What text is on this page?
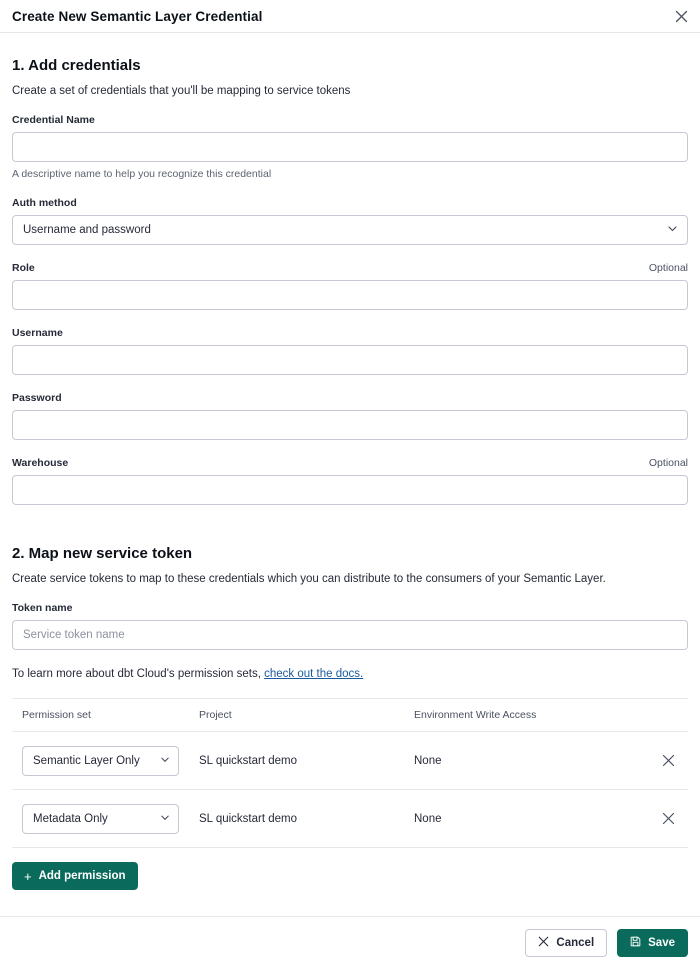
Create New Semantic Layer Credential
1. Add credentials

Create a set of credentials that you'll be mapping to service tokens

Credential Name
A descriptive name to help you recognize this credential
Auth method
Username and password
Role	Optional
Username
Password
Warehouse	Optional
2. Map new service token

Create service tokens to map to these credentials which you can distribute to the consumers of your Semantic Layer.

Token name
Service token name
To learn more about dbt Cloud's permission sets, check out the docs.
Permission set	Project	Environment Write Access
Semantic Layer Only	SL quickstart demo	None
Metadata Only	SL quickstart demo	None
+ Add permission
Cancel	Save
